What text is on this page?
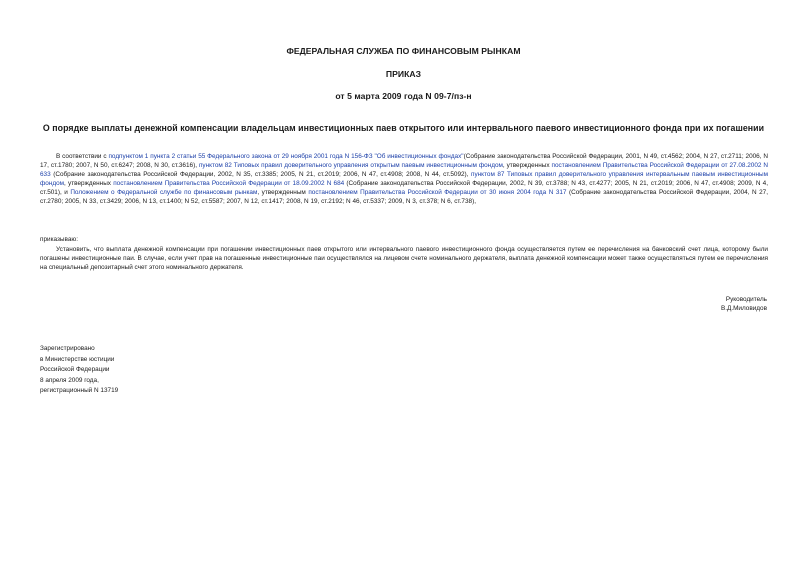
ФЕДЕРАЛЬНАЯ СЛУЖБА ПО ФИНАНСОВЫМ РЫНКАМ
ПРИКАЗ
от 5 марта 2009 года N 09-7/пз-н
О порядке выплаты денежной компенсации владельцам инвестиционных паев открытого или интервального паевого инвестиционного фонда при их погашении
В соответствии с подпунктом 1 пункта 2 статьи 55 Федерального закона от 29 ноября 2001 года N 156-ФЗ "Об инвестиционных фондах"(Собрание законодательства Российской Федерации, 2001, N 49, ст.4562; 2004, N 27, ст.2711; 2006, N 17, ст.1780; 2007, N 50, ст.6247; 2008, N 30, ст.3616), пунктом 82 Типовых правил доверительного управления открытым паевым инвестиционным фондом, утвержденных постановлением Правительства Российской Федерации от 27.08.2002 N 633 (Собрание законодательства Российской Федерации, 2002, N 35, ст.3385; 2005, N 21, ст.2019; 2006, N 47, ст.4908; 2008, N 44, ст.5092), пунктом 87 Типовых правил доверительного управления интервальным паевым инвестиционным фондом, утвержденных постановлением Правительства Российской Федерации от 18.09.2002 N 684 (Собрание законодательства Российской Федерации, 2002, N 39, ст.3788; N 43, ст.4277; 2005, N 21, ст.2019; 2006, N 47, ст.4908; 2009, N 4, ст.501), и Положением о Федеральной службе по финансовым рынкам, утвержденным постановлением Правительства Российской Федерации от 30 июня 2004 года N 317 (Собрание законодательства Российской Федерации, 2004, N 27, ст.2780; 2005, N 33, ст.3429; 2006, N 13, ст.1400; N 52, ст.5587; 2007, N 12, ст.1417; 2008, N 19, ст.2192; N 46, ст.5337; 2009, N 3, ст.378; N 6, ст.738),
приказываю:
Установить, что выплата денежной компенсации при погашении инвестиционных паев открытого или интервального паевого инвестиционного фонда осуществляется путем ее перечисления на банковский счет лица, которому были погашены инвестиционные паи. В случае, если учет прав на погашенные инвестиционные паи осуществлялся на лицевом счете номинального держателя, выплата денежной компенсации может также осуществляться путем ее перечисления на специальный депозитарный счет этого номинального держателя.
Руководитель
В.Д.Миловидов
Зарегистрировано
в Министерстве юстиции
Российской Федерации
8 апреля 2009 года,
регистрационный N 13719
